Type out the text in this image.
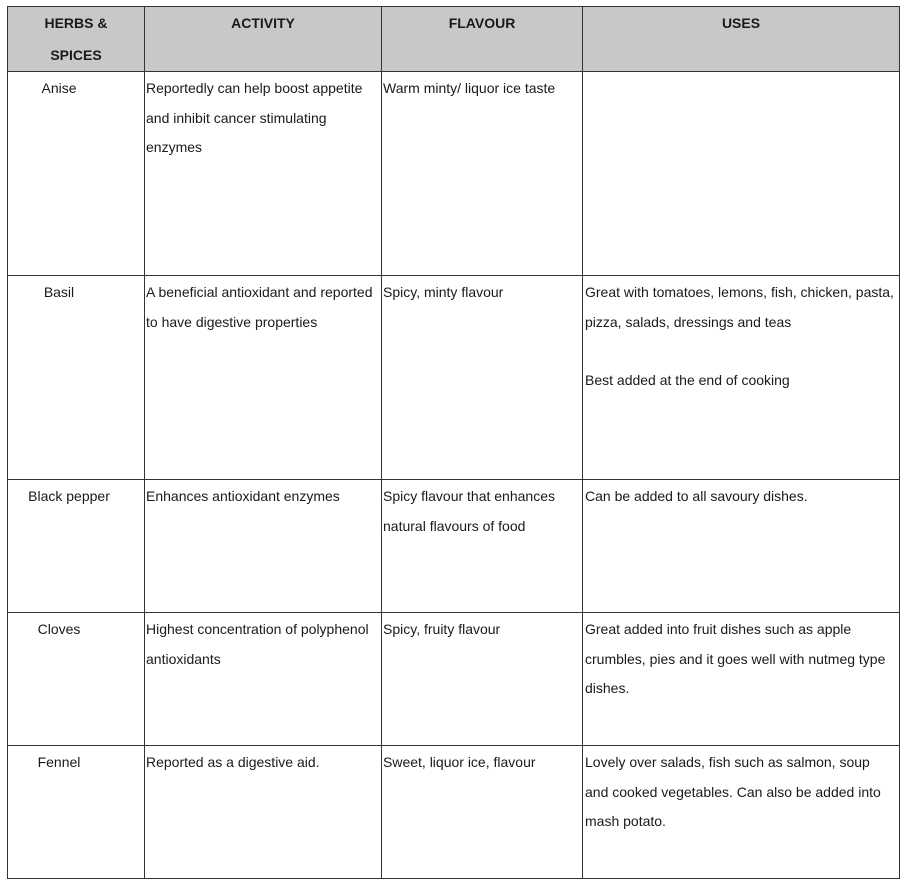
HERBS &
SPICES	ACTIVITY	FLAVOUR	USES
Anise	Reportedly can help boost appetite and inhibit cancer stimulating enzymes	Warm minty/ liquor ice taste	

Basil	A beneficial antioxidant and reported to have digestive properties	Spicy, minty flavour	Great with tomatoes, lemons, fish, chicken, pasta, pizza, salads, dressings and teas
Best added at the end of cooking

Black pepper	Enhances antioxidant enzymes	Spicy flavour that enhances natural flavours of food	Can be added to all savoury dishes.

Cloves	Highest concentration of polyphenol antioxidants	Spicy, fruity flavour	Great added into fruit dishes such as apple crumbles, pies and it goes well with nutmeg type dishes.

Fennel	Reported as a digestive aid.	Sweet, liquor ice, flavour	Lovely over salads, fish such as salmon, soup and cooked vegetables. Can also be added into mash potato.
